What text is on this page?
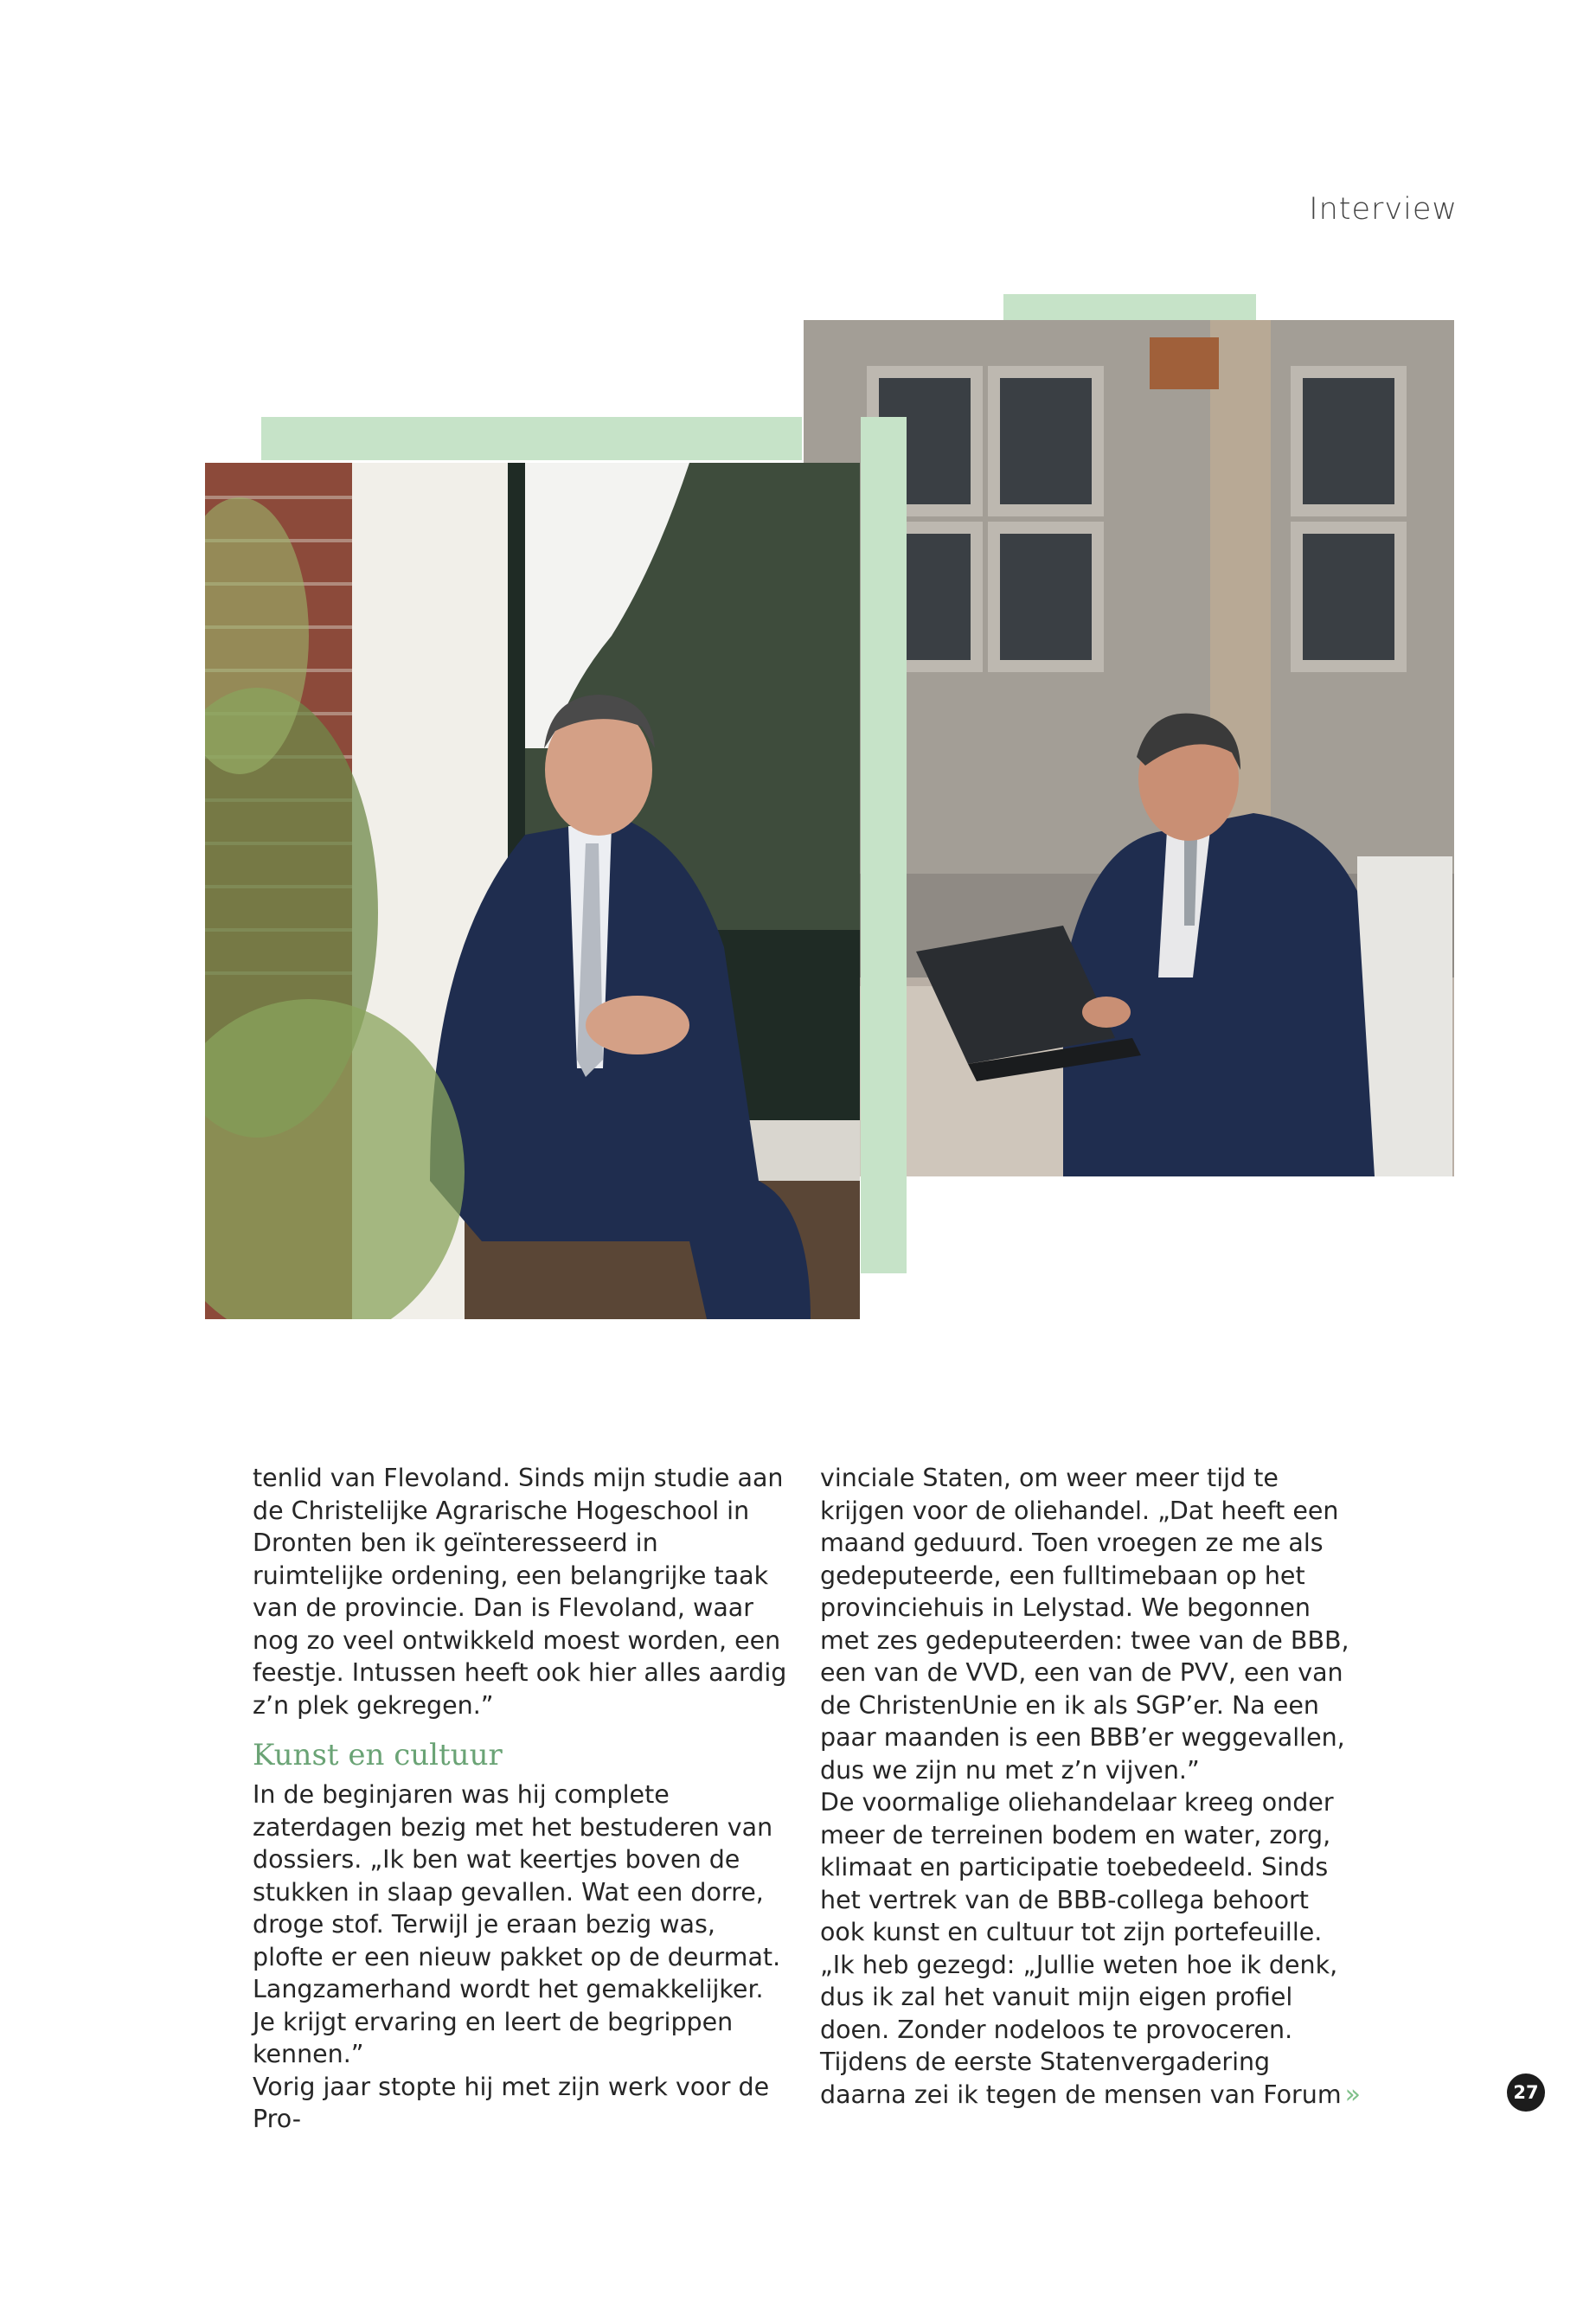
Interview

tenlid van Flevoland. Sinds mijn studie aan de Christelijke Agrarische Hogeschool in Dronten ben ik geïnteresseerd in ruimtelijke ordening, een belangrijke taak van de provincie. Dan is Flevoland, waar nog zo veel ontwikkeld moest worden, een feestje. Intussen heeft ook hier alles aardig z’n plek gekregen.”

Kunst en cultuur

In de beginjaren was hij complete zaterdagen bezig met het bestuderen van dossiers. „Ik ben wat keertjes boven de stukken in slaap gevallen. Wat een dorre, droge stof. Terwijl je eraan bezig was, plofte er een nieuw pakket op de deurmat. Langzamerhand wordt het gemakkelijker. Je krijgt ervaring en leert de begrippen kennen.”

Vorig jaar stopte hij met zijn werk voor de Pro-

vinciale Staten, om weer meer tijd te krijgen voor de oliehandel. „Dat heeft een maand geduurd. Toen vroegen ze me als gedeputeerde, een fulltimebaan op het provinciehuis in Lelystad. We begonnen met zes gedeputeerden: twee van de BBB, een van de VVD, een van de PVV, een van de ChristenUnie en ik als SGP’er. Na een paar maanden is een BBB’er weggevallen, dus we zijn nu met z’n vijven.”

De voormalige oliehandelaar kreeg onder meer de terreinen bodem en water, zorg, klimaat en participatie toebedeeld. Sinds het vertrek van de BBB-collega behoort ook kunst en cultuur tot zijn portefeuille. „Ik heb gezegd: „Jullie weten hoe ik denk, dus ik zal het vanuit mijn eigen profiel doen. Zonder nodeloos te provoceren. Tijdens de eerste Statenvergadering daarna zei ik tegen de mensen van Forum »	27
